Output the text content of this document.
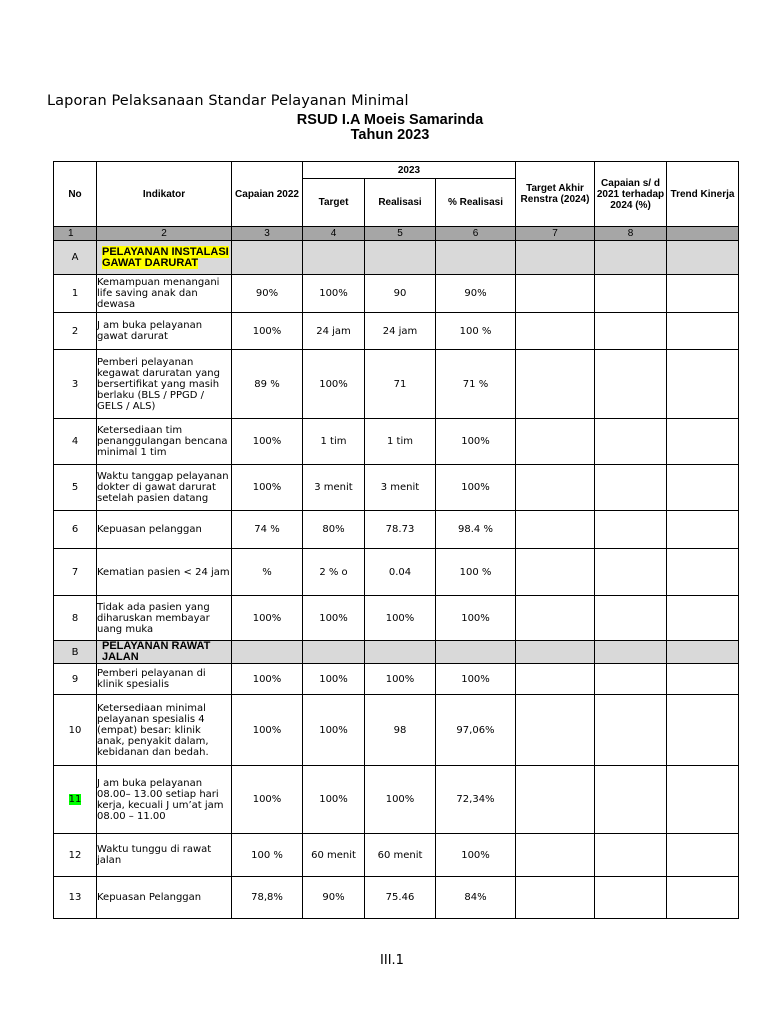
Laporan Pelaksanaan Standar Pelayanan Minimal
RSUD I.A Moeis Samarinda
Tahun 2023
No	Indikator	Capaian 2022	2023			Target Akhir Renstra (2024)	Capaian s/ d 2021 terhadap 2024 (%)	Trend Kinerja
			Target	Realisasi	% Realisasi			
1	2	3	4	5	6	7	8	
A	PELAYANAN INSTALASI GAWAT DARURAT							
1	Kemampuan menangani life saving anak dan dewasa	90%	100%	90	90%			
2	J am buka pelayanan gawat darurat	100%	24 jam	24 jam	100 %			
3	Pemberi pelayanan kegawat daruratan yang bersertifikat yang masih berlaku (BLS / PPGD / GELS / ALS)	89 %	100%	71	71 %			
4	Ketersediaan tim penanggulangan bencana minimal 1 tim	100%	1 tim	1 tim	100%			
5	Waktu tanggap pelayanan dokter di gawat darurat setelah pasien datang	100%	3 menit	3 menit	100%			
6	Kepuasan pelanggan	74 %	80%	78.73	98.4 %			
7	Kematian pasien < 24 jam	%	2 % o	0.04	100 %			
8	Tidak ada pasien yang diharuskan membayar uang muka	100%	100%	100%	100%			
B	PELAYANAN RAWAT JALAN							
9	Pemberi pelayanan di klinik spesialis	100%	100%	100%	100%			
10	Ketersediaan minimal pelayanan spesialis 4 (empat) besar: klinik anak, penyakit dalam, kebidanan dan bedah.	100%	100%	98	97,06%			
11	J am buka pelayanan 08.00– 13.00 setiap hari kerja, kecuali J um’at jam 08.00 – 11.00	100%	100%	100%	72,34%			
12	Waktu tunggu di rawat jalan	100 %	60 menit	60 menit	100%			
13	Kepuasan Pelanggan	78,8%	90%	75.46	84%			
III.1
